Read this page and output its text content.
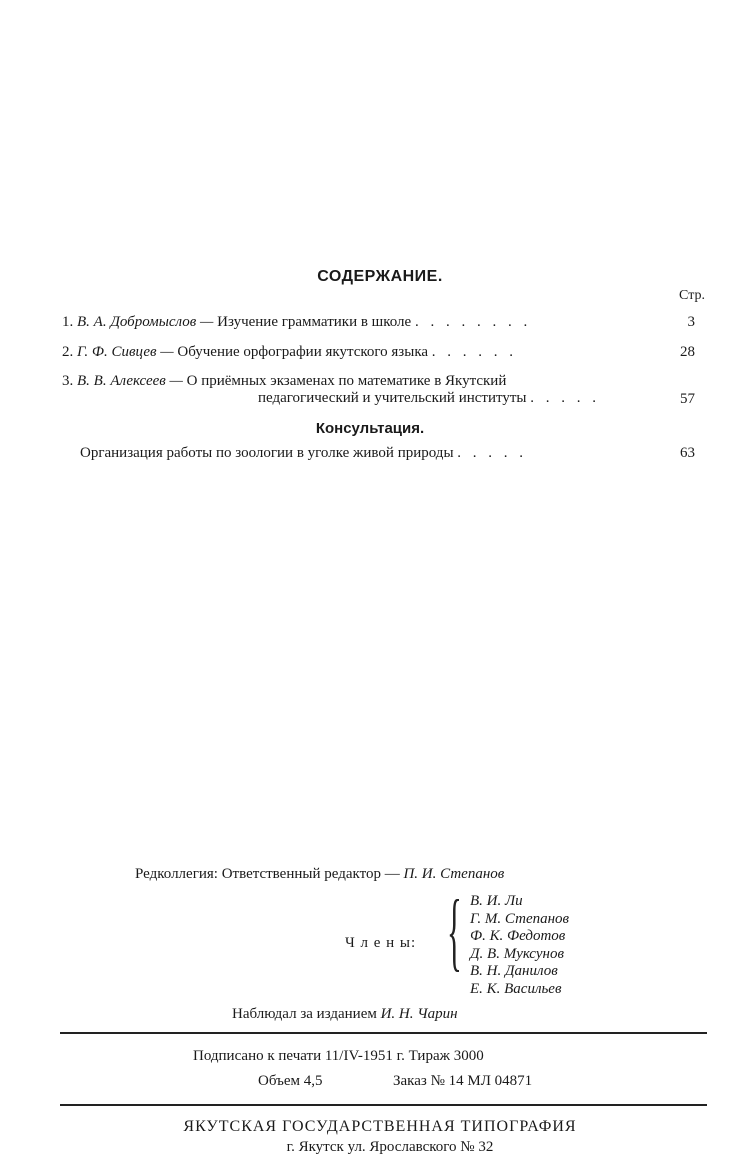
СОДЕРЖАНИЕ.
Стр.
1. В. А. Добромыслов — Изучение грамматики в школе . . . . . . . .	3
2. Г. Ф. Сивцев — Обучение орфографии якутского языка . . . . . .	28
3. В. В. Алексеев — О приёмных экзаменах по математике в Якутский
педагогический и учительский институты . . . . .	57
Консультация.
Организация работы по зоологии в уголке живой природы . . . . .	63
Редколлегия: Ответственный редактор — П. И. Степанов
Ч л е н ы: { В. И. Ли
Г. М. Степанов
Ф. К. Федотов
Д. В. Муксунов
В. Н. Данилов
Е. К. Васильев
Наблюдал за изданием И. Н. Чарин
Подписано к печати 11/IV-1951 г. Тираж 3000
Объем 4,5	Заказ № 14 МЛ 04871
ЯКУТСКАЯ ГОСУДАРСТВЕННАЯ ТИПОГРАФИЯ
г. Якутск ул. Ярославского № 32
